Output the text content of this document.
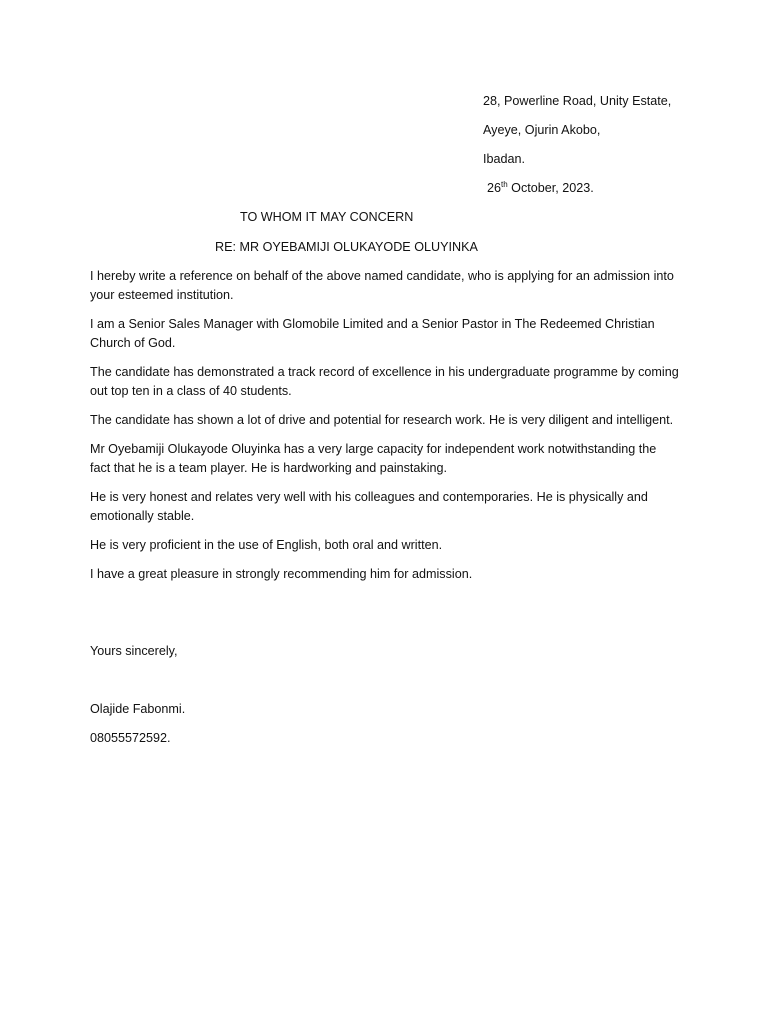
28, Powerline Road, Unity Estate,
Ayeye, Ojurin Akobo,
Ibadan.
26th October, 2023.
TO WHOM IT MAY CONCERN
RE: MR OYEBAMIJI OLUKAYODE OLUYINKA

I hereby write a reference on behalf of the above named candidate, who is applying for an admission into your esteemed institution.

I am a Senior Sales Manager with Glomobile Limited and a Senior Pastor in The Redeemed Christian Church of God.

The candidate has demonstrated a track record of excellence in his undergraduate programme by coming out top ten in a class of 40 students.

The candidate has shown a lot of drive and potential for research work. He is very diligent and intelligent.

Mr Oyebamiji Olukayode Oluyinka has a very large capacity for independent work notwithstanding the fact that he is a team player. He is hardworking and painstaking.

He is very honest and relates very well with his colleagues and contemporaries. He is physically and emotionally stable.

He is very proficient in the use of English, both oral and written.

I have a great pleasure in strongly recommending him for admission.

Yours sincerely,
Olajide Fabonmi.
08055572592.
